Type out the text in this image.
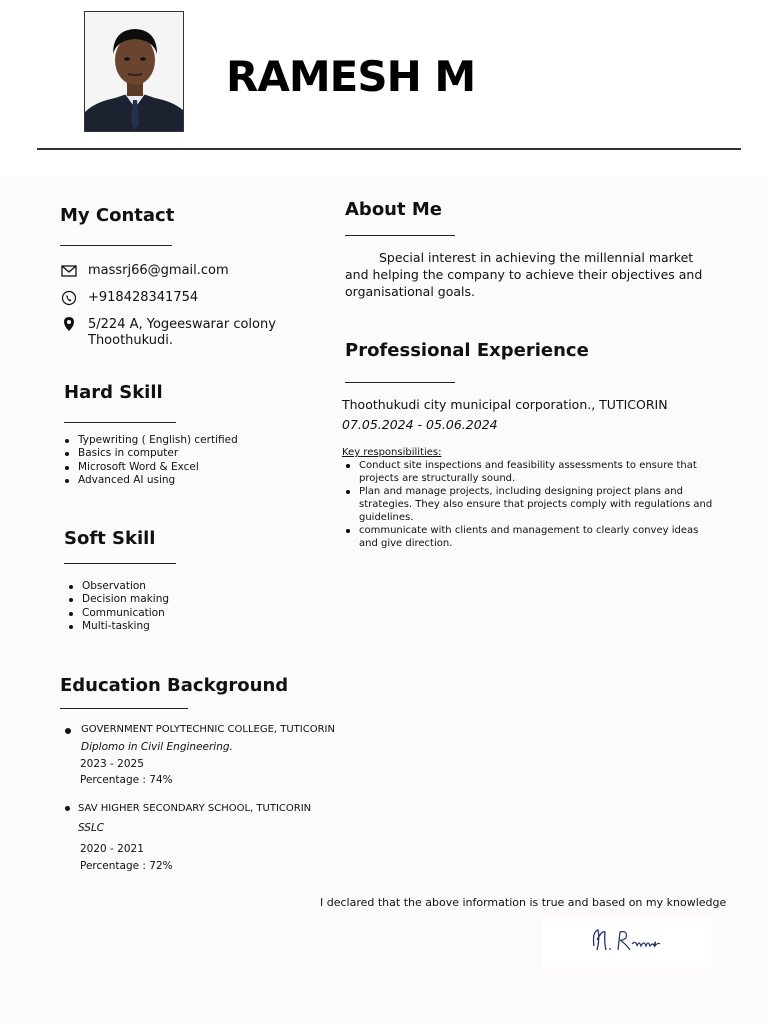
RAMESH M
My Contact
massrj66@gmail.com
+918428341754
5/224 A, Yogeeswarar colony
Thoothukudi.
Hard Skill
Typewriting ( English) certified
Basics in computer
Microsoft Word & Excel
Advanced AI using
Soft Skill
Observation
Decision making
Communication
Multi-tasking
Education Background
GOVERNMENT POLYTECHNIC COLLEGE, TUTICORIN
Diplomo in Civil Engineering.
2023 - 2025
Percentage : 74%
SAV HIGHER SECONDARY SCHOOL, TUTICORIN
SSLC
2020 - 2021
Percentage : 72%
About Me
Special interest in achieving the millennial market and helping the company to achieve their objectives and organisational goals.
Professional Experience
Thoothukudi city municipal corporation., TUTICORIN
07.05.2024 - 05.06.2024
Key responsibilities:
Conduct site inspections and feasibility assessments to ensure that projects are structurally sound.
Plan and manage projects, including designing project plans and strategies. They also ensure that projects comply with regulations and guidelines.
communicate with clients and management to clearly convey ideas and give direction.
I declared that the above information is true and based on my knowledge
